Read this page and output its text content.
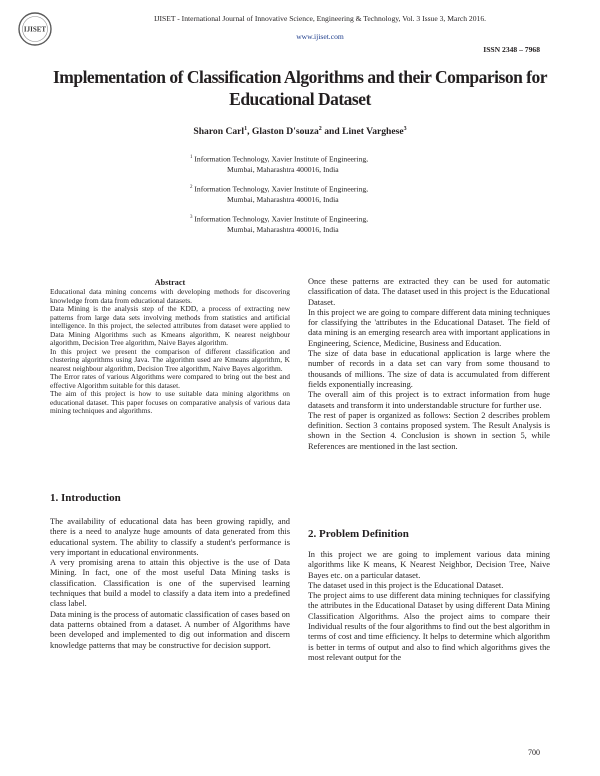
IJISET
IJISET - International Journal of Innovative Science, Engineering & Technology, Vol. 3 Issue 3, March 2016.
www.ijiset.com
ISSN 2348 – 7968
Implementation of Classification Algorithms and their Comparison for
Educational Dataset
Sharon Carl$^1$, Glaston D'souza$^2$ and Linet Varghese$^3$

$^1$ Information Technology, Xavier Institute of Engineering,

Mumbai, Maharashtra 400016, India

$^2$ Information Technology, Xavier Institute of Engineering,

Mumbai, Maharashtra 400016, India

$^3$ Information Technology, Xavier Institute of Engineering,

Mumbai, Maharashtra 400016, India

Abstract

Educational data mining concerns with developing methods for discovering knowledge from data from educational datasets.

Data Mining is the analysis step of the KDD, a process of extracting new patterns from large data sets involving methods from statistics and artificial intelligence. In this project, the selected attributes from dataset were applied to Data Mining Algorithms such as Kmeans algorithm, K nearest neighbour algorithm, Decision Tree algorithm, Naive Bayes algorithm.

In this project we present the comparison of different classification and clustering algorithms using Java. The algorithm used are Kmeans algorithm, K nearest neighbour algorithm, Decision Tree algorithm, Naive Bayes algorithm.

The Error rates of various Algorithms were compared to bring out the best and effective Algorithm suitable for this dataset.

The aim of this project is how to use suitable data mining algorithms on educational dataset. This paper focuses on comparative analysis of various data mining techniques and algorithms.

1. Introduction

The availability of educational data has been growing rapidly, and there is a need to analyze huge amounts of data generated from this educational system. The ability to classify a student's performance is very important in educational environments.

A very promising arena to attain this objective is the use of Data Mining. In fact, one of the most useful Data Mining tasks is classification. Classification is one of the supervised learning techniques that build a model to classify a data item into a predefined class label.

Data mining is the process of automatic classification of cases based on data patterns obtained from a dataset. A number of Algorithms have been developed and implemented to dig out information and discern knowledge patterns that may be constructive for decision support.

Once these patterns are extracted they can be used for automatic classification of data. The dataset used in this project is the Educational Dataset.

In this project we are going to compare different data mining techniques for classifying the 'attributes in the Educational Dataset. The field of data mining is an emerging research area with important applications in Engineering, Science, Medicine, Business and Education.

The size of data base in educational application is large where the number of records in a data set can vary from some thousand to thousands of millions. The size of data is accumulated from different fields exponentially increasing.

The overall aim of this project is to extract information from huge datasets and transform it into understandable structure for further use.

The rest of paper is organized as follows: Section 2 describes problem definition. Section 3 contains proposed system. The Result Analysis is shown in the Section 4. Conclusion is shown in section 5, while References are mentioned in the last section.

2. Problem Definition

In this project we are going to implement various data mining algorithms like K means, K Nearest Neighbor, Decision Tree, Naive Bayes etc. on a particular dataset.

The dataset used in this project is the Educational Dataset.

The project aims to use different data mining techniques for classifying the attributes in the Educational Dataset by using different Data Mining Classification Algorithms. Also the project aims to compare their Individual results of the four algorithms to find out the best algorithm in terms of cost and time efficiency. It helps to determine which algorithm is better in terms of output and also to find which algorithms gives the most relevant output for the

700
